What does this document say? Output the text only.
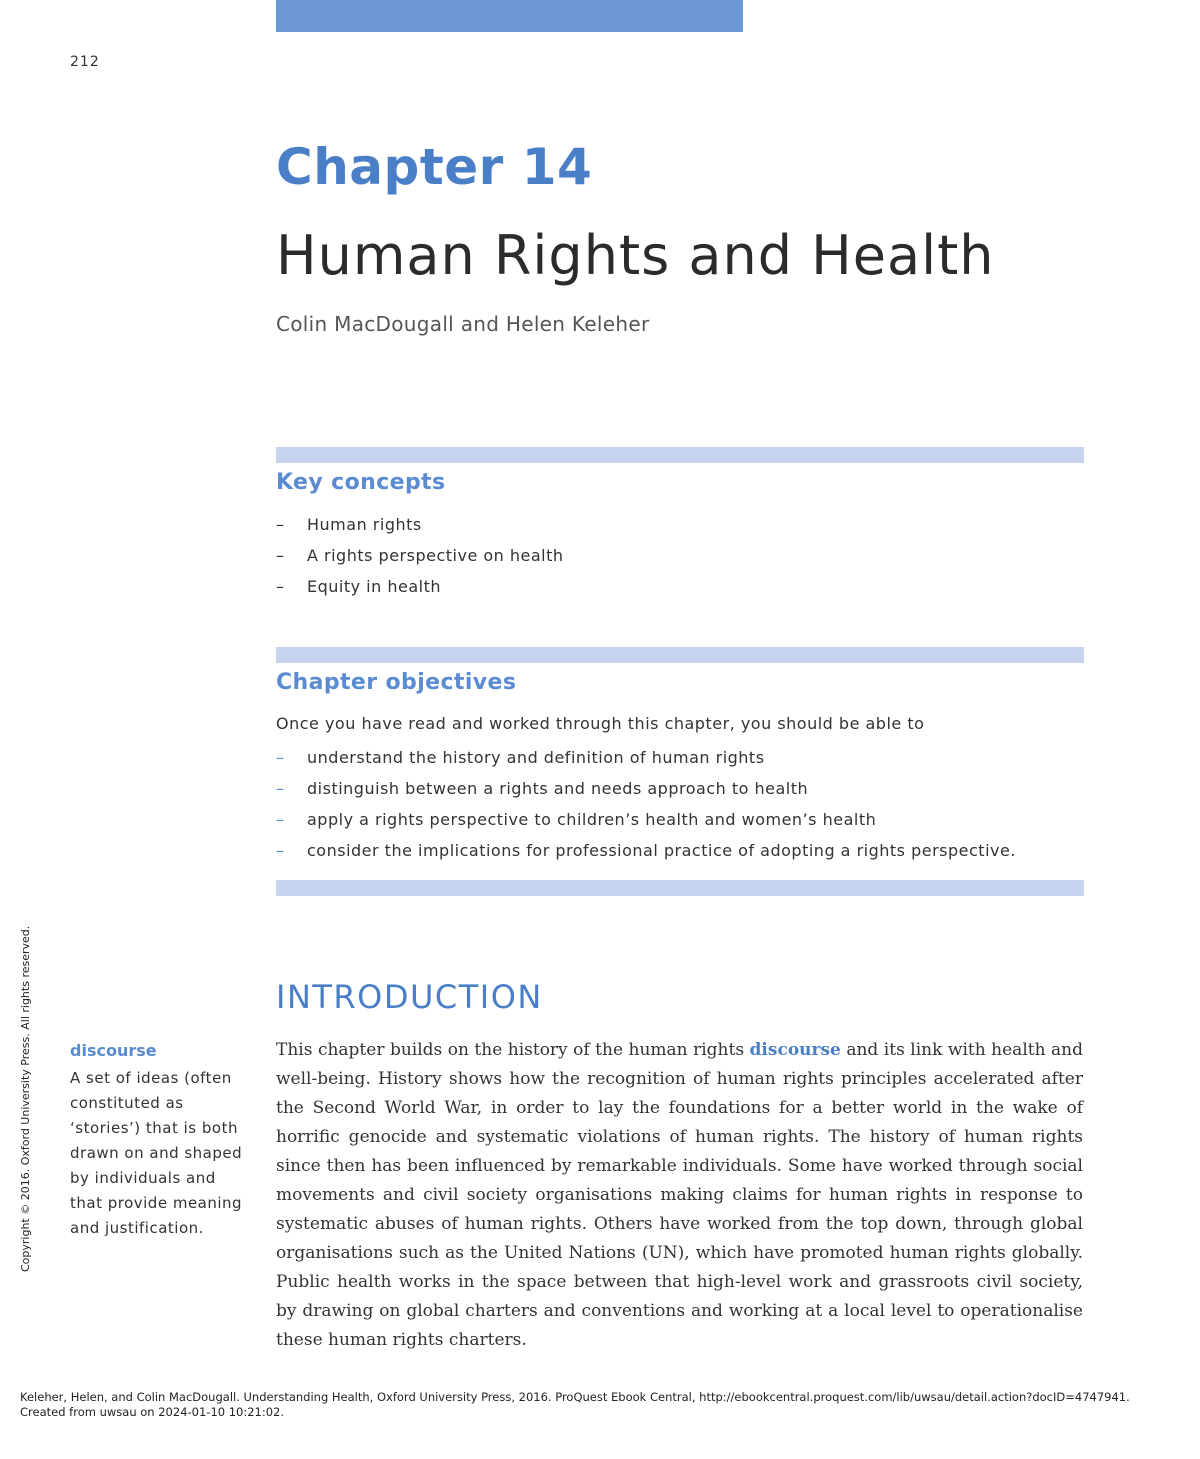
212
Chapter 14
Human Rights and Health
Colin MacDougall and Helen Keleher
Key concepts
– Human rights
– A rights perspective on health
– Equity in health
Chapter objectives
Once you have read and worked through this chapter, you should be able to
– understand the history and definition of human rights
– distinguish between a rights and needs approach to health
– apply a rights perspective to children’s health and women’s health
– consider the implications for professional practice of adopting a rights perspective.
INTRODUCTION
discourse
A set of ideas (often constituted as ‘stories’) that is both drawn on and shaped by individuals and that provide meaning and justification.

This chapter builds on the history of the human rights discourse and its link with health and well-being. History shows how the recognition of human rights principles accelerated after the Second World War, in order to lay the foundations for a better world in the wake of horrific genocide and systematic violations of human rights. The history of human rights since then has been influenced by remarkable individuals. Some have worked through social movements and civil society organisations making claims for human rights in response to systematic abuses of human rights. Others have worked from the top down, through global organisations such as the United Nations (UN), which have promoted human rights globally. Public health works in the space between that high-level work and grassroots civil society, by drawing on global charters and conventions and working at a local level to operationalise these human rights charters.

Copyright © 2016. Oxford University Press. All rights reserved.
Keleher, Helen, and Colin MacDougall. Understanding Health, Oxford University Press, 2016. ProQuest Ebook Central, http://ebookcentral.proquest.com/lib/uwsau/detail.action?docID=4747941.
Created from uwsau on 2024-01-10 10:21:02.
